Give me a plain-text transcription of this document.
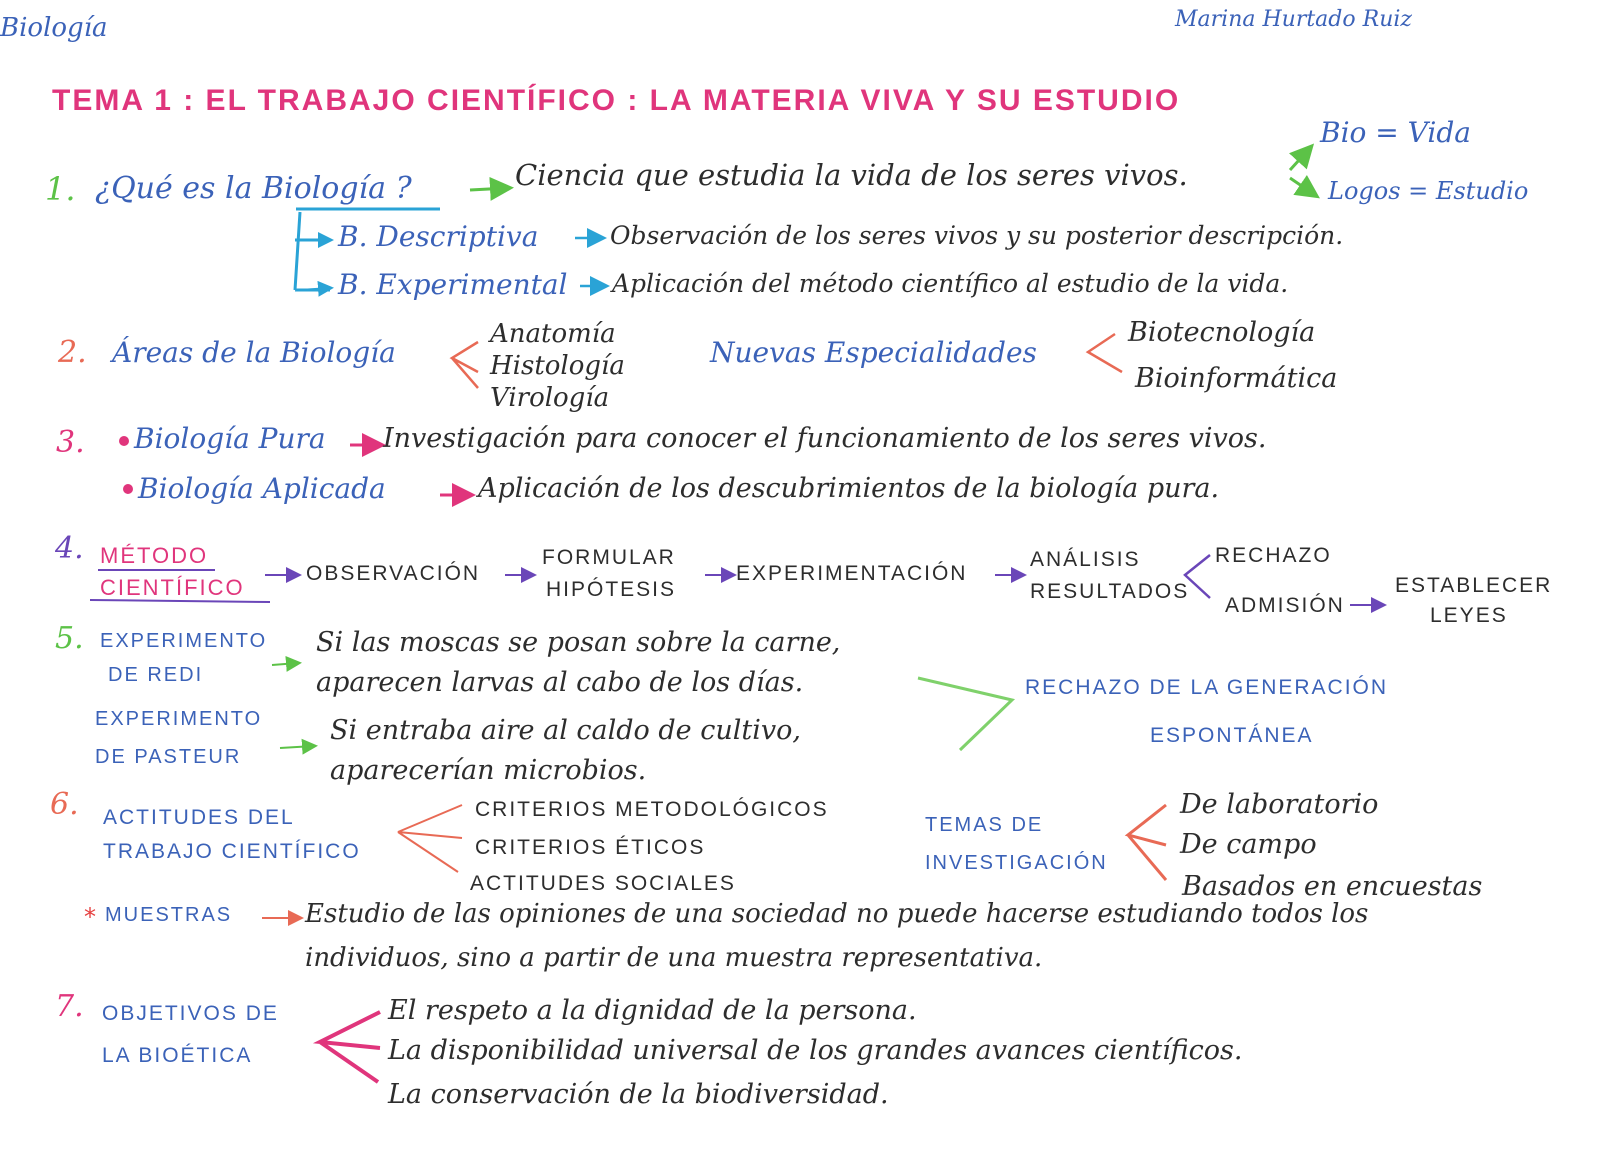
Biología	Marina Hurtado Ruiz
TEMA 1 : EL TRABAJO CIENTÍFICO : LA MATERIA VIVA Y SU ESTUDIO
1. ¿Qué es la Biología ?	Ciencia que estudia la vida de los seres vivos.
Bio = Vida
Logos = Estudio
B. Descriptiva	Observación de los seres vivos y su posterior descripción.
B. Experimental Aplicación del método científico al estudio de la vida.
2. Áreas de la Biología
Anatomía
Histología
Virología
Nuevas Especialidades
Biotecnología
Bioinformática
3. Biología Pura Investigación para conocer el funcionamiento de los seres vivos.
Biología Aplicada	Aplicación de los descubrimientos de la biología pura.
4. MÉTODO
CIENTÍFICO
OBSERVACIÓN
FORMULAR
HIPÓTESIS
EXPERIMENTACIÓN
ANÁLISIS
RESULTADOS
RECHAZO
ADMISIÓN
ESTABLECER
LEYES
5. EXPERIMENTO
DE REDI
Si las moscas se posan sobre la carne,
aparecen larvas al cabo de los días.
EXPERIMENTO
DE PASTEUR
Si entraba aire al caldo de cultivo,
aparecerían microbios.
RECHAZO DE LA GENERACIÓN
ESPONTÁNEA
6. ACTITUDES DEL
TRABAJO CIENTÍFICO
CRITERIOS METODOLÓGICOS
CRITERIOS ÉTICOS
ACTITUDES SOCIALES
TEMAS DE
INVESTIGACIÓN
De laboratorio
De campo
Basados en encuestas
* MUESTRAS	Estudio de las opiniones de una sociedad no puede hacerse estudiando todos los
individuos, sino a partir de una muestra representativa.
7. OBJETIVOS DE
LA BIOÉTICA
El respeto a la dignidad de la persona.
La disponibilidad universal de los grandes avances científicos.
La conservación de la biodiversidad.
